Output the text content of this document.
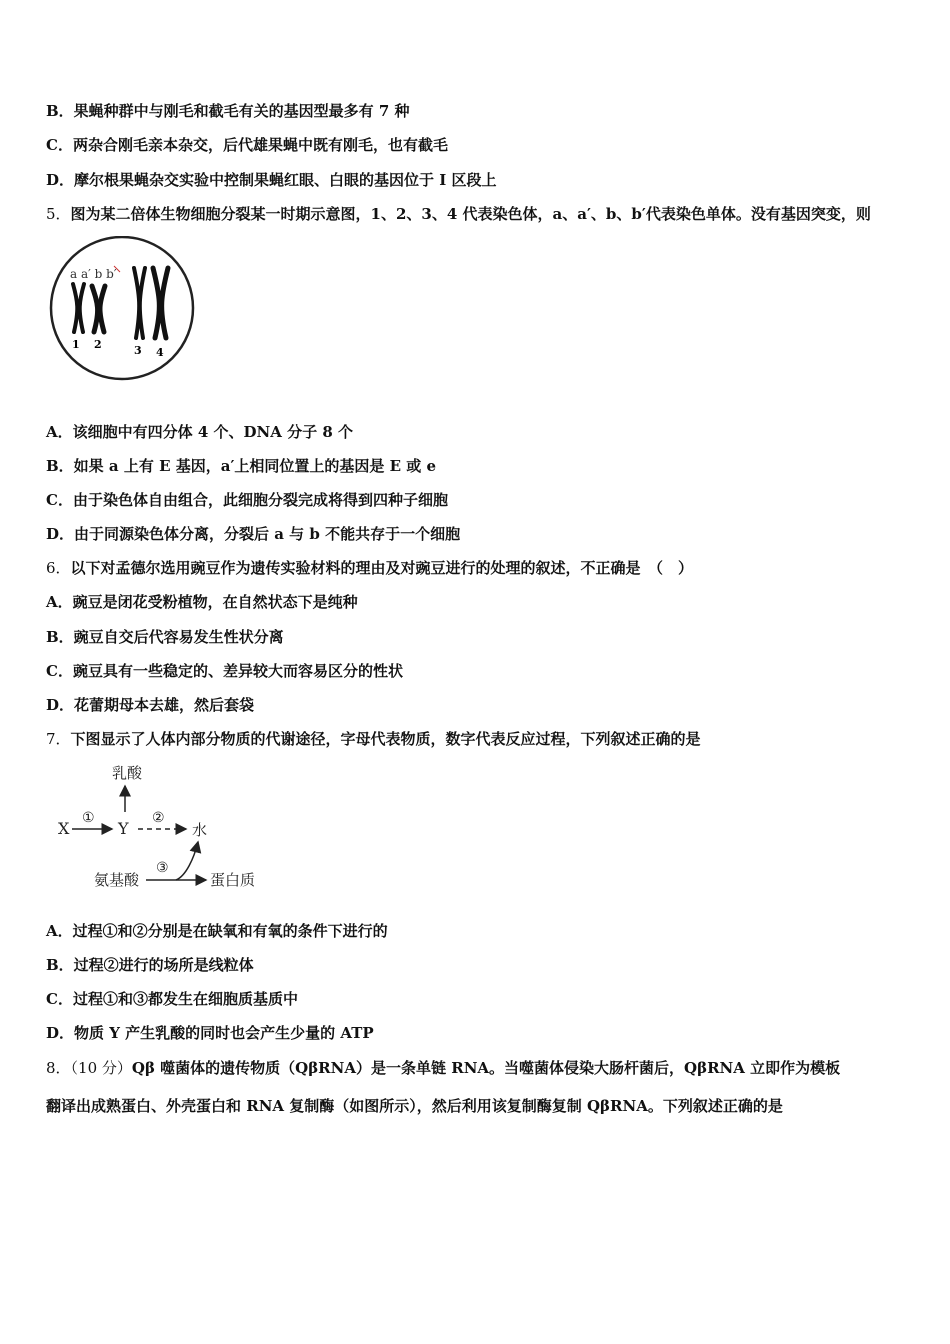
B．果蝇种群中与刚毛和截毛有关的基因型最多有 7 种
C．两杂合刚毛亲本杂交，后代雄果蝇中既有刚毛，也有截毛
D．摩尔根果蝇杂交实验中控制果蝇红眼、白眼的基因位于 I 区段上
5．图为某二倍体生物细胞分裂某一时期示意图，1、2、3、4 代表染色体，a、a′、b、b′代表染色单体。没有基因突变，则
a a′ b b′
1 2	3 4
A．该细胞中有四分体 4 个、DNA 分子 8 个
B．如果 a 上有 E 基因，a′上相同位置上的基因是 E 或 e
C．由于染色体自由组合，此细胞分裂完成将得到四种子细胞
D．由于同源染色体分离，分裂后 a 与 b 不能共存于一个细胞
6．以下对孟德尔选用豌豆作为遗传实验材料的理由及对豌豆进行的处理的叙述，不正确是　（　）
A．豌豆是闭花受粉植物，在自然状态下是纯种
B．豌豆自交后代容易发生性状分离
C．豌豆具有一些稳定的、差异较大而容易区分的性状
D．花蕾期母本去雄，然后套袋
7．下图显示了人体内部分物质的代谢途径，字母代表物质，数字代表反应过程，下列叙述正确的是
乳酸
X
①
Y
②
水
氨基酸
③
蛋白质
A．过程①和②分别是在缺氧和有氧的条件下进行的
B．过程②进行的场所是线粒体
C．过程①和③都发生在细胞质基质中
D．物质 Y 产生乳酸的同时也会产生少量的 ATP
8．（10 分）Qβ 噬菌体的遗传物质（QβRNA）是一条单链 RNA。当噬菌体侵染大肠杆菌后，QβRNA 立即作为模板
翻译出成熟蛋白、外壳蛋白和 RNA 复制酶（如图所示），然后利用该复制酶复制 QβRNA。下列叙述正确的是
